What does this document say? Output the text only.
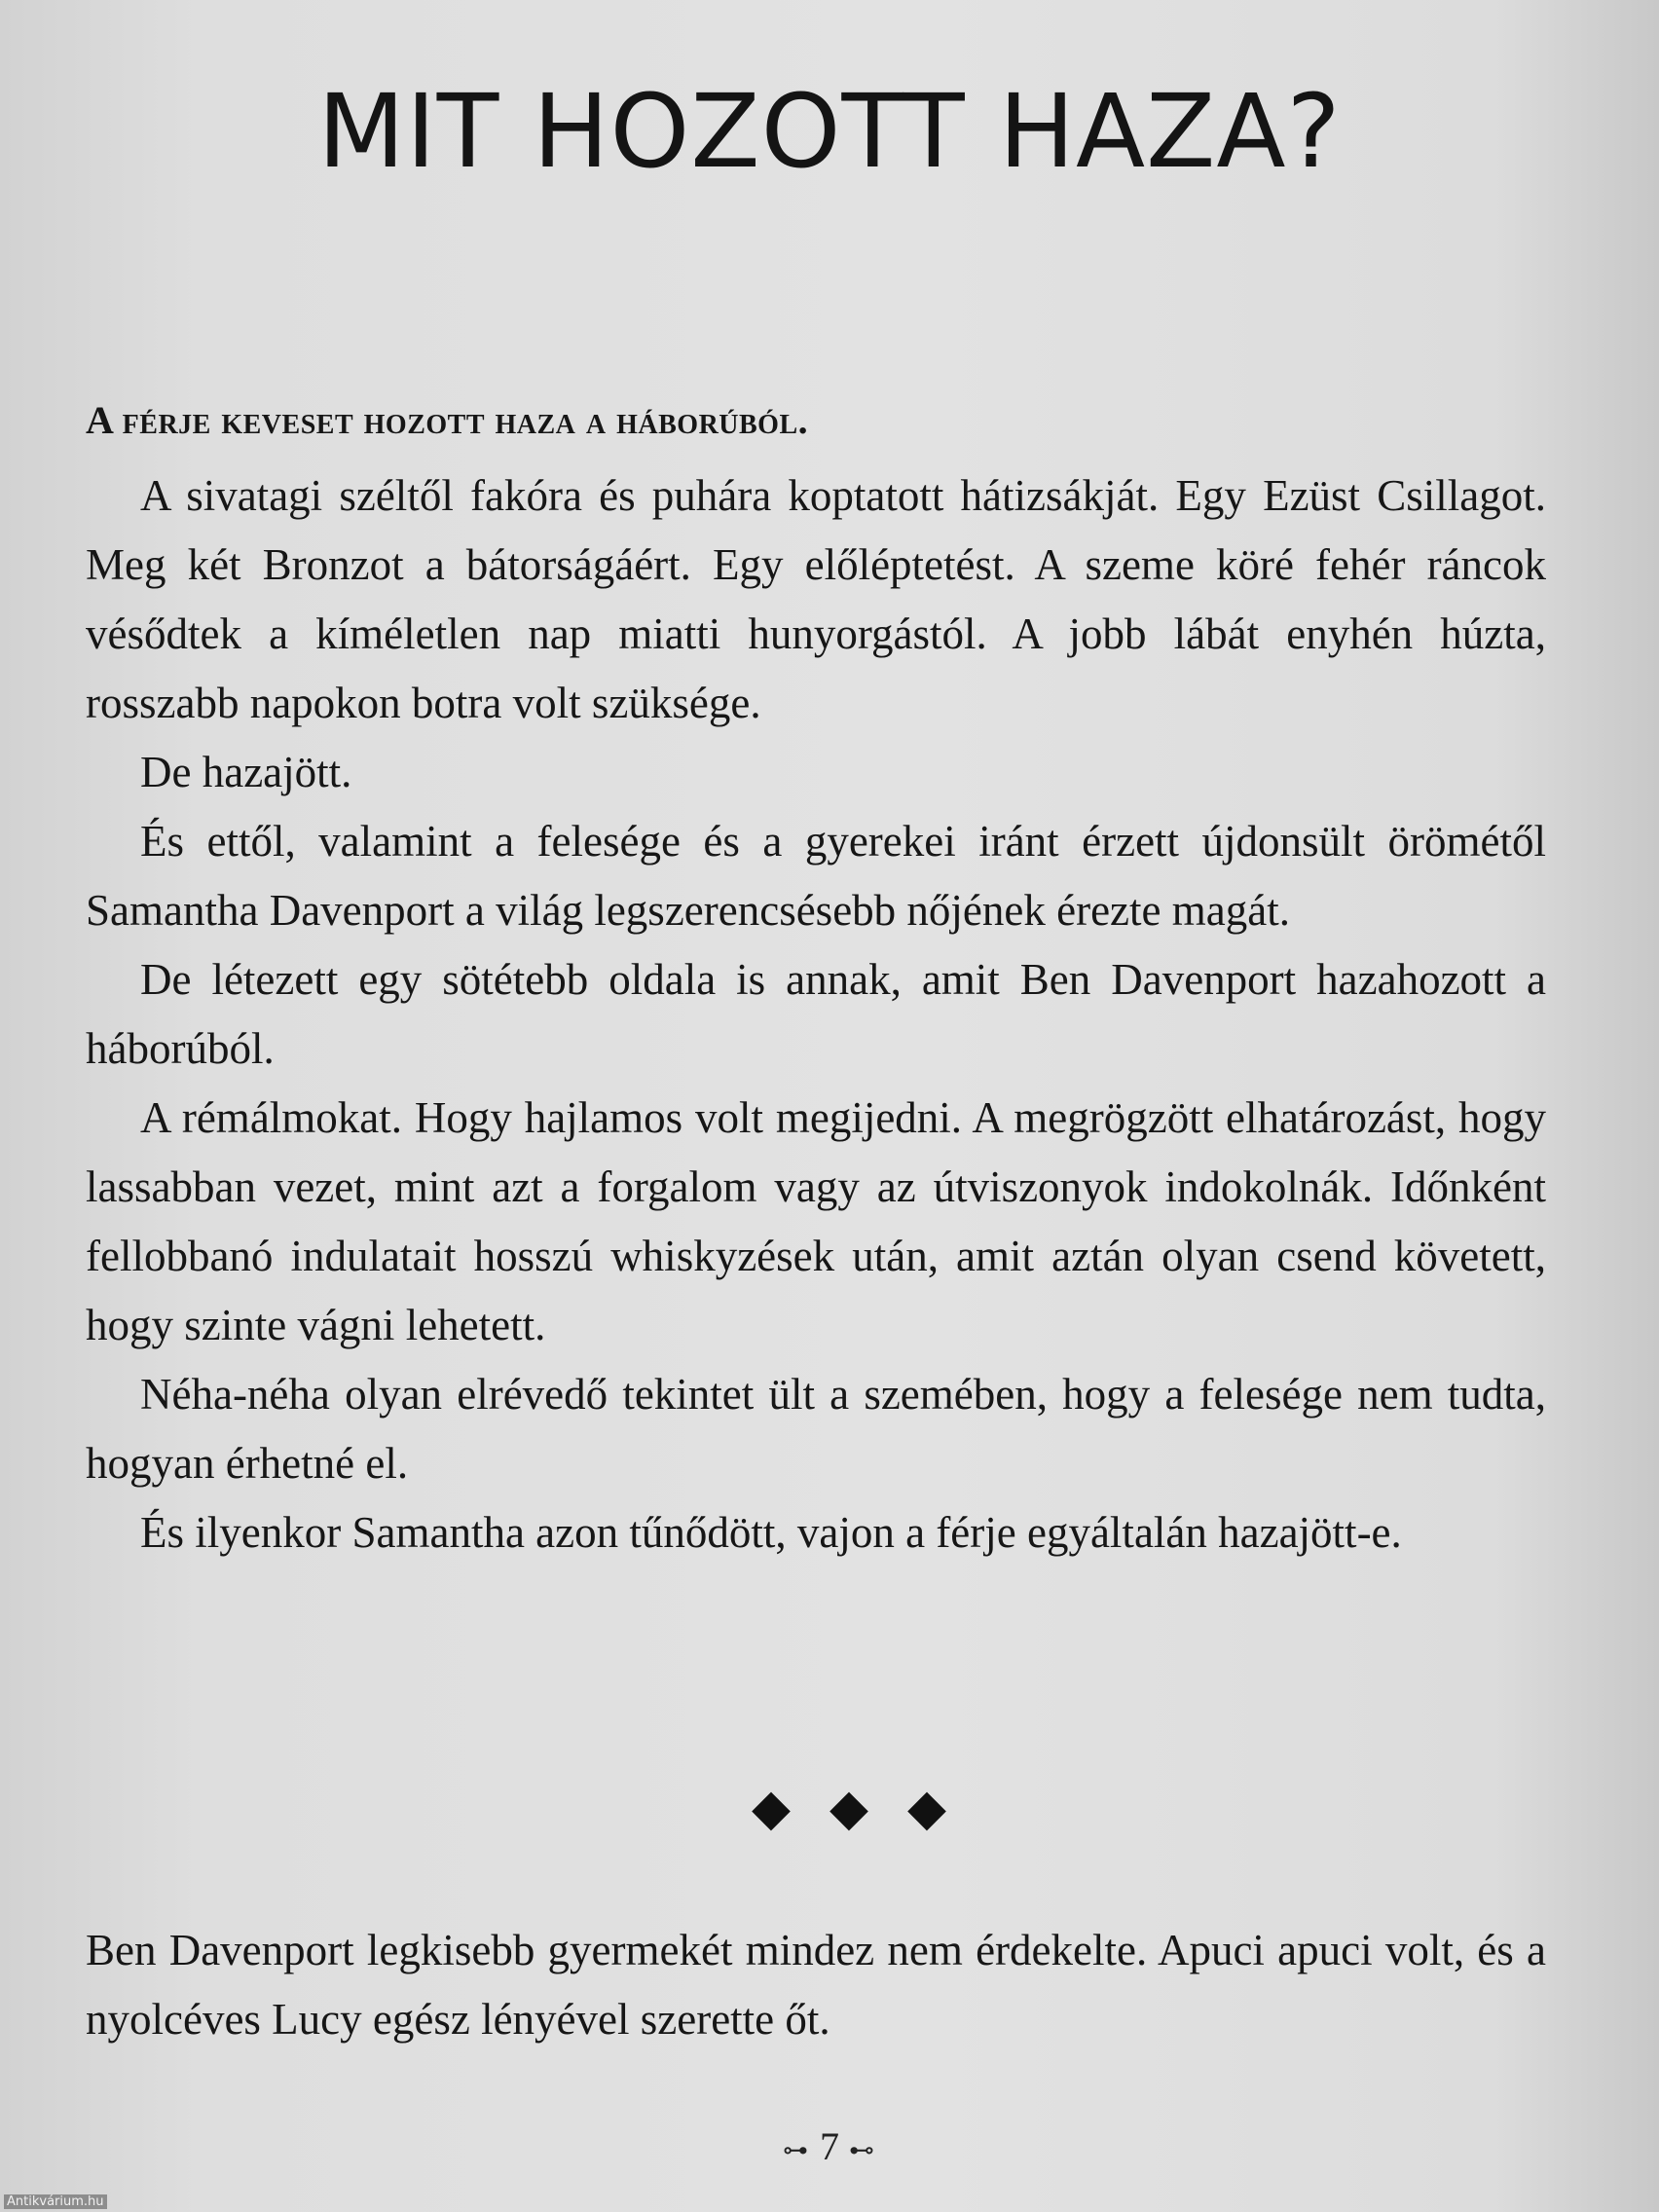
MIT HOZOTT HAZA?
A férje keveset hozott haza a háborúból.

A sivatagi széltől fakóra és puhára koptatott hátizsákját. Egy Ezüst Csillagot. Meg két Bronzot a bátorságáért. Egy előléptetést. A szeme köré fehér ráncok vésődtek a kíméletlen nap miatti hunyorgástól. A jobb lábát enyhén húzta, rosszabb napokon botra volt szüksége.

De hazajött.

És ettől, valamint a felesége és a gyerekei iránt érzett újdonsült örömétől Samantha Davenport a világ legszerencsésebb nőjének érezte magát.

De létezett egy sötétebb oldala is annak, amit Ben Davenport hazahozott a háborúból.

A rémálmokat. Hogy hajlamos volt megijedni. A megrögzött elhatározást, hogy lassabban vezet, mint azt a forgalom vagy az útviszonyok indokolnák. Időnként fellobbanó indulatait hosszú whiskyzések után, amit aztán olyan csend követett, hogy szinte vágni lehetett.

Néha-néha olyan elrévedő tekintet ült a szemében, hogy a felesége nem tudta, hogyan érhetné el.

És ilyenkor Samantha azon tűnődött, vajon a férje egyáltalán hazajött-e.

◆◆◆

Ben Davenport legkisebb gyermekét mindez nem érdekelte. Apuci apuci volt, és a nyolcéves Lucy egész lényével szerette őt.

⊶ 7 ⊷
Antikvárium.hu
